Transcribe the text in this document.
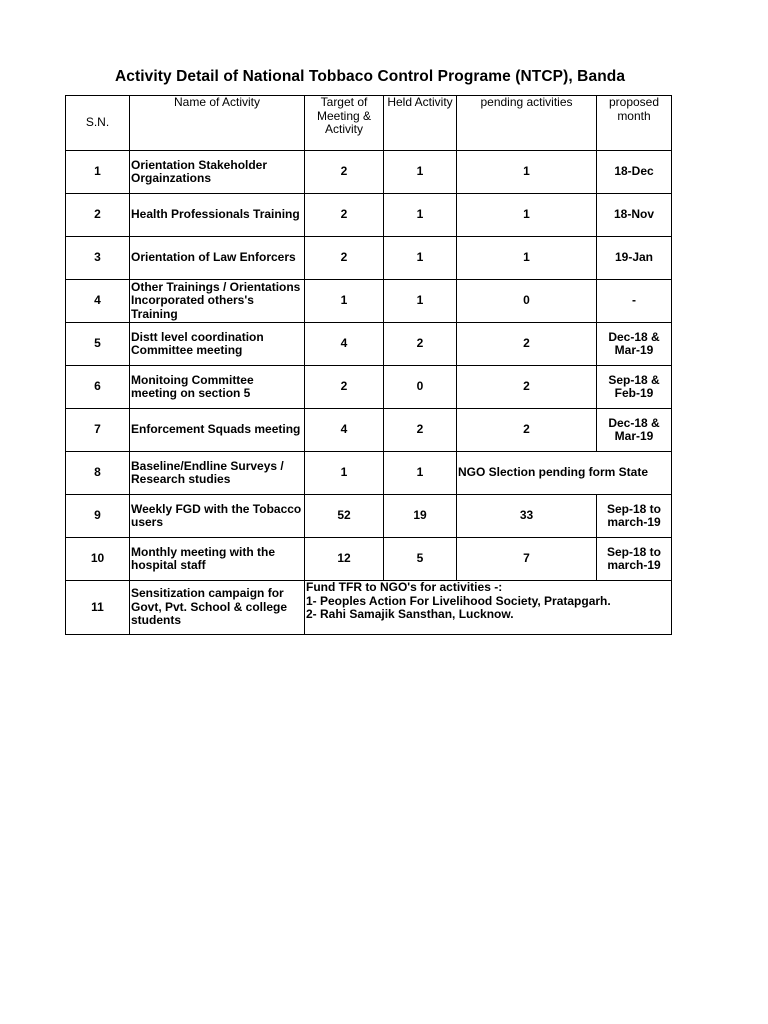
Activity Detail of National Tobbaco Control Programe (NTCP), Banda
S.N.	Name of Activity	Target of Meeting & Activity	Held Activity	pending activities	proposed month
1	Orientation Stakeholder Orgainzations	2	1	1	18-Dec
2	Health Professionals Training	2	1	1	18-Nov
3	Orientation of Law Enforcers	2	1	1	19-Jan
4	Other Trainings / Orientations Incorporated others's Training	1	1	0	-
5	Distt level coordination Committee meeting	4	2	2	Dec-18 & Mar-19
6	Monitoing Committee meeting on section 5	2	0	2	Sep-18 & Feb-19
7	Enforcement Squads meeting	4	2	2	Dec-18 & Mar-19
8	Baseline/Endline Surveys / Research studies	1	1	NGO Slection pending form State	
9	Weekly FGD with the Tobacco users	52	19	33	Sep-18 to march-19
10	Monthly meeting with the hospital staff	12	5	7	Sep-18 to march-19
11	Sensitization campaign for Govt, Pvt. School & college students	Fund TFR to NGO's for activities -:
1- Peoples Action For Livelihood Society, Pratapgarh.
2- Rahi Samajik Sansthan, Lucknow.			
